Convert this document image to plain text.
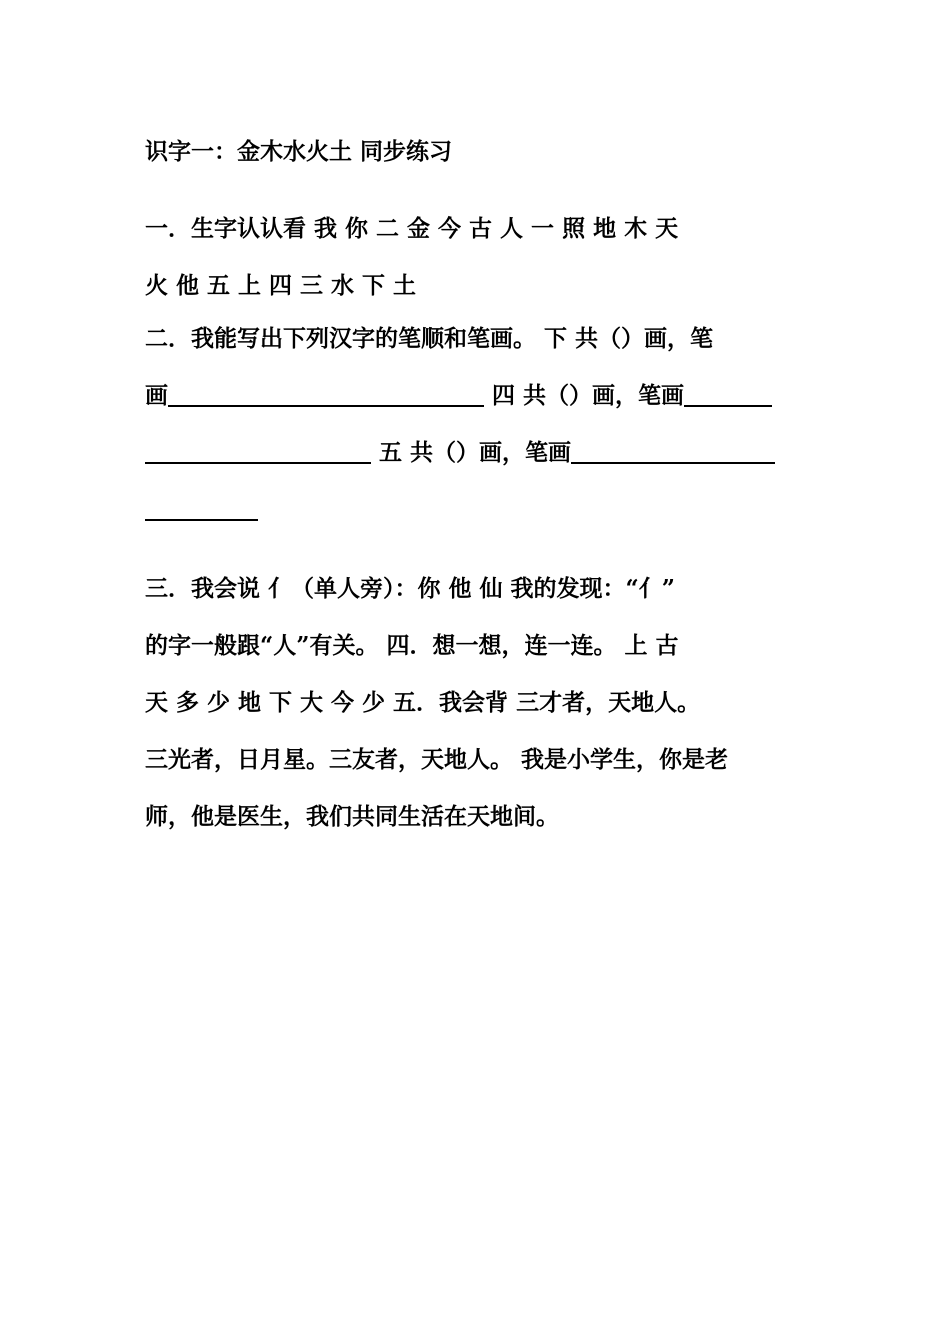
识字一：金木水火土 同步练习
一．生字认认看 我 你 二 金 今 古 人 一 照 地 木 天
火 他 五 上 四 三 水 下 土
二．我能写出下列汉字的笔顺和笔画。 下 共（）画，笔
画	四 共（）画，笔画
五 共（）画，笔画
三．我会说 亻（单人旁）：你 他 仙 我的发现：“亻”
的字一般跟“人”有关。 四．想一想，连一连。 上 古
天 多 少 地 下 大 今 少 五．我会背 三才者，天地人。
三光者，日月星。三友者，天地人。 我是小学生，你是老
师，他是医生，我们共同生活在天地间。
